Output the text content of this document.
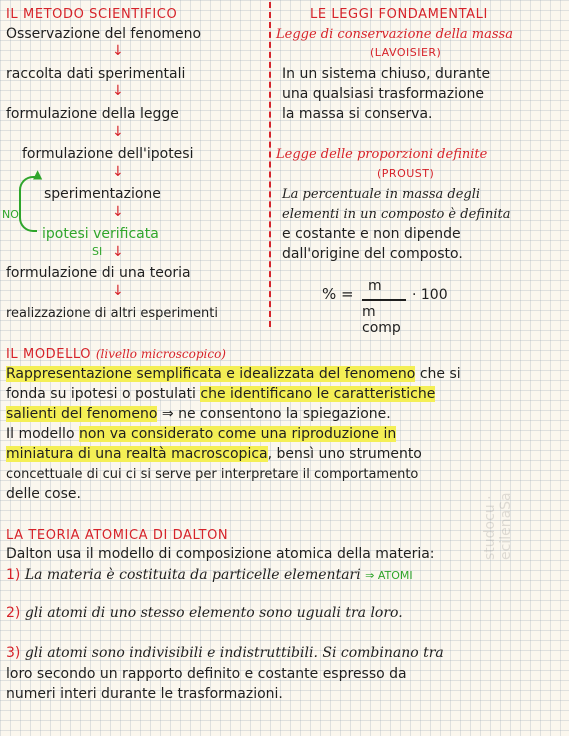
IL METODO SCIENTIFICO
Osservazione del fenomeno
↓
raccolta dati sperimentali
↓
formulazione della legge
↓
formulazione dell'ipotesi
↓
sperimentazione
↓
ipotesi verificata
▲
NO
SI ↓
formulazione di una teoria
↓
realizzazione di altri esperimenti
LE LEGGI FONDAMENTALI
Legge di conservazione della massa
(LAVOISIER)
In un sistema chiuso, durante
una qualsiasi trasformazione
la massa si conserva.
Legge delle proporzioni definite
(PROUST)
La percentuale in massa degli
elementi in un composto è definita
e costante e non dipende
dall'origine del composto.
% = m
m comp
· 100
IL MODELLO (livello microscopico)
Rappresentazione semplificata e idealizzata del fenomeno che si
fonda su ipotesi o postulati che identificano le caratteristiche
salienti del fenomeno ⇒ ne consentono la spiegazione.
Il modello non va considerato come una riproduzione in
miniatura di una realtà macroscopica, bensì uno strumento
concettuale di cui ci si serve per interpretare il comportamento
delle cose.
LA TEORIA ATOMICA DI DALTON
Dalton usa il modello di composizione atomica della materia:
1) La materia è costituita da particelle elementari ⇒ ATOMI
2) gli atomi di uno stesso elemento sono uguali tra loro.
3) gli atomi sono indivisibili e indistruttibili. Si combinano tra
loro secondo un rapporto definito e costante espresso da
numeri interi durante le trasformazioni.
studocu · ecilenaSa
